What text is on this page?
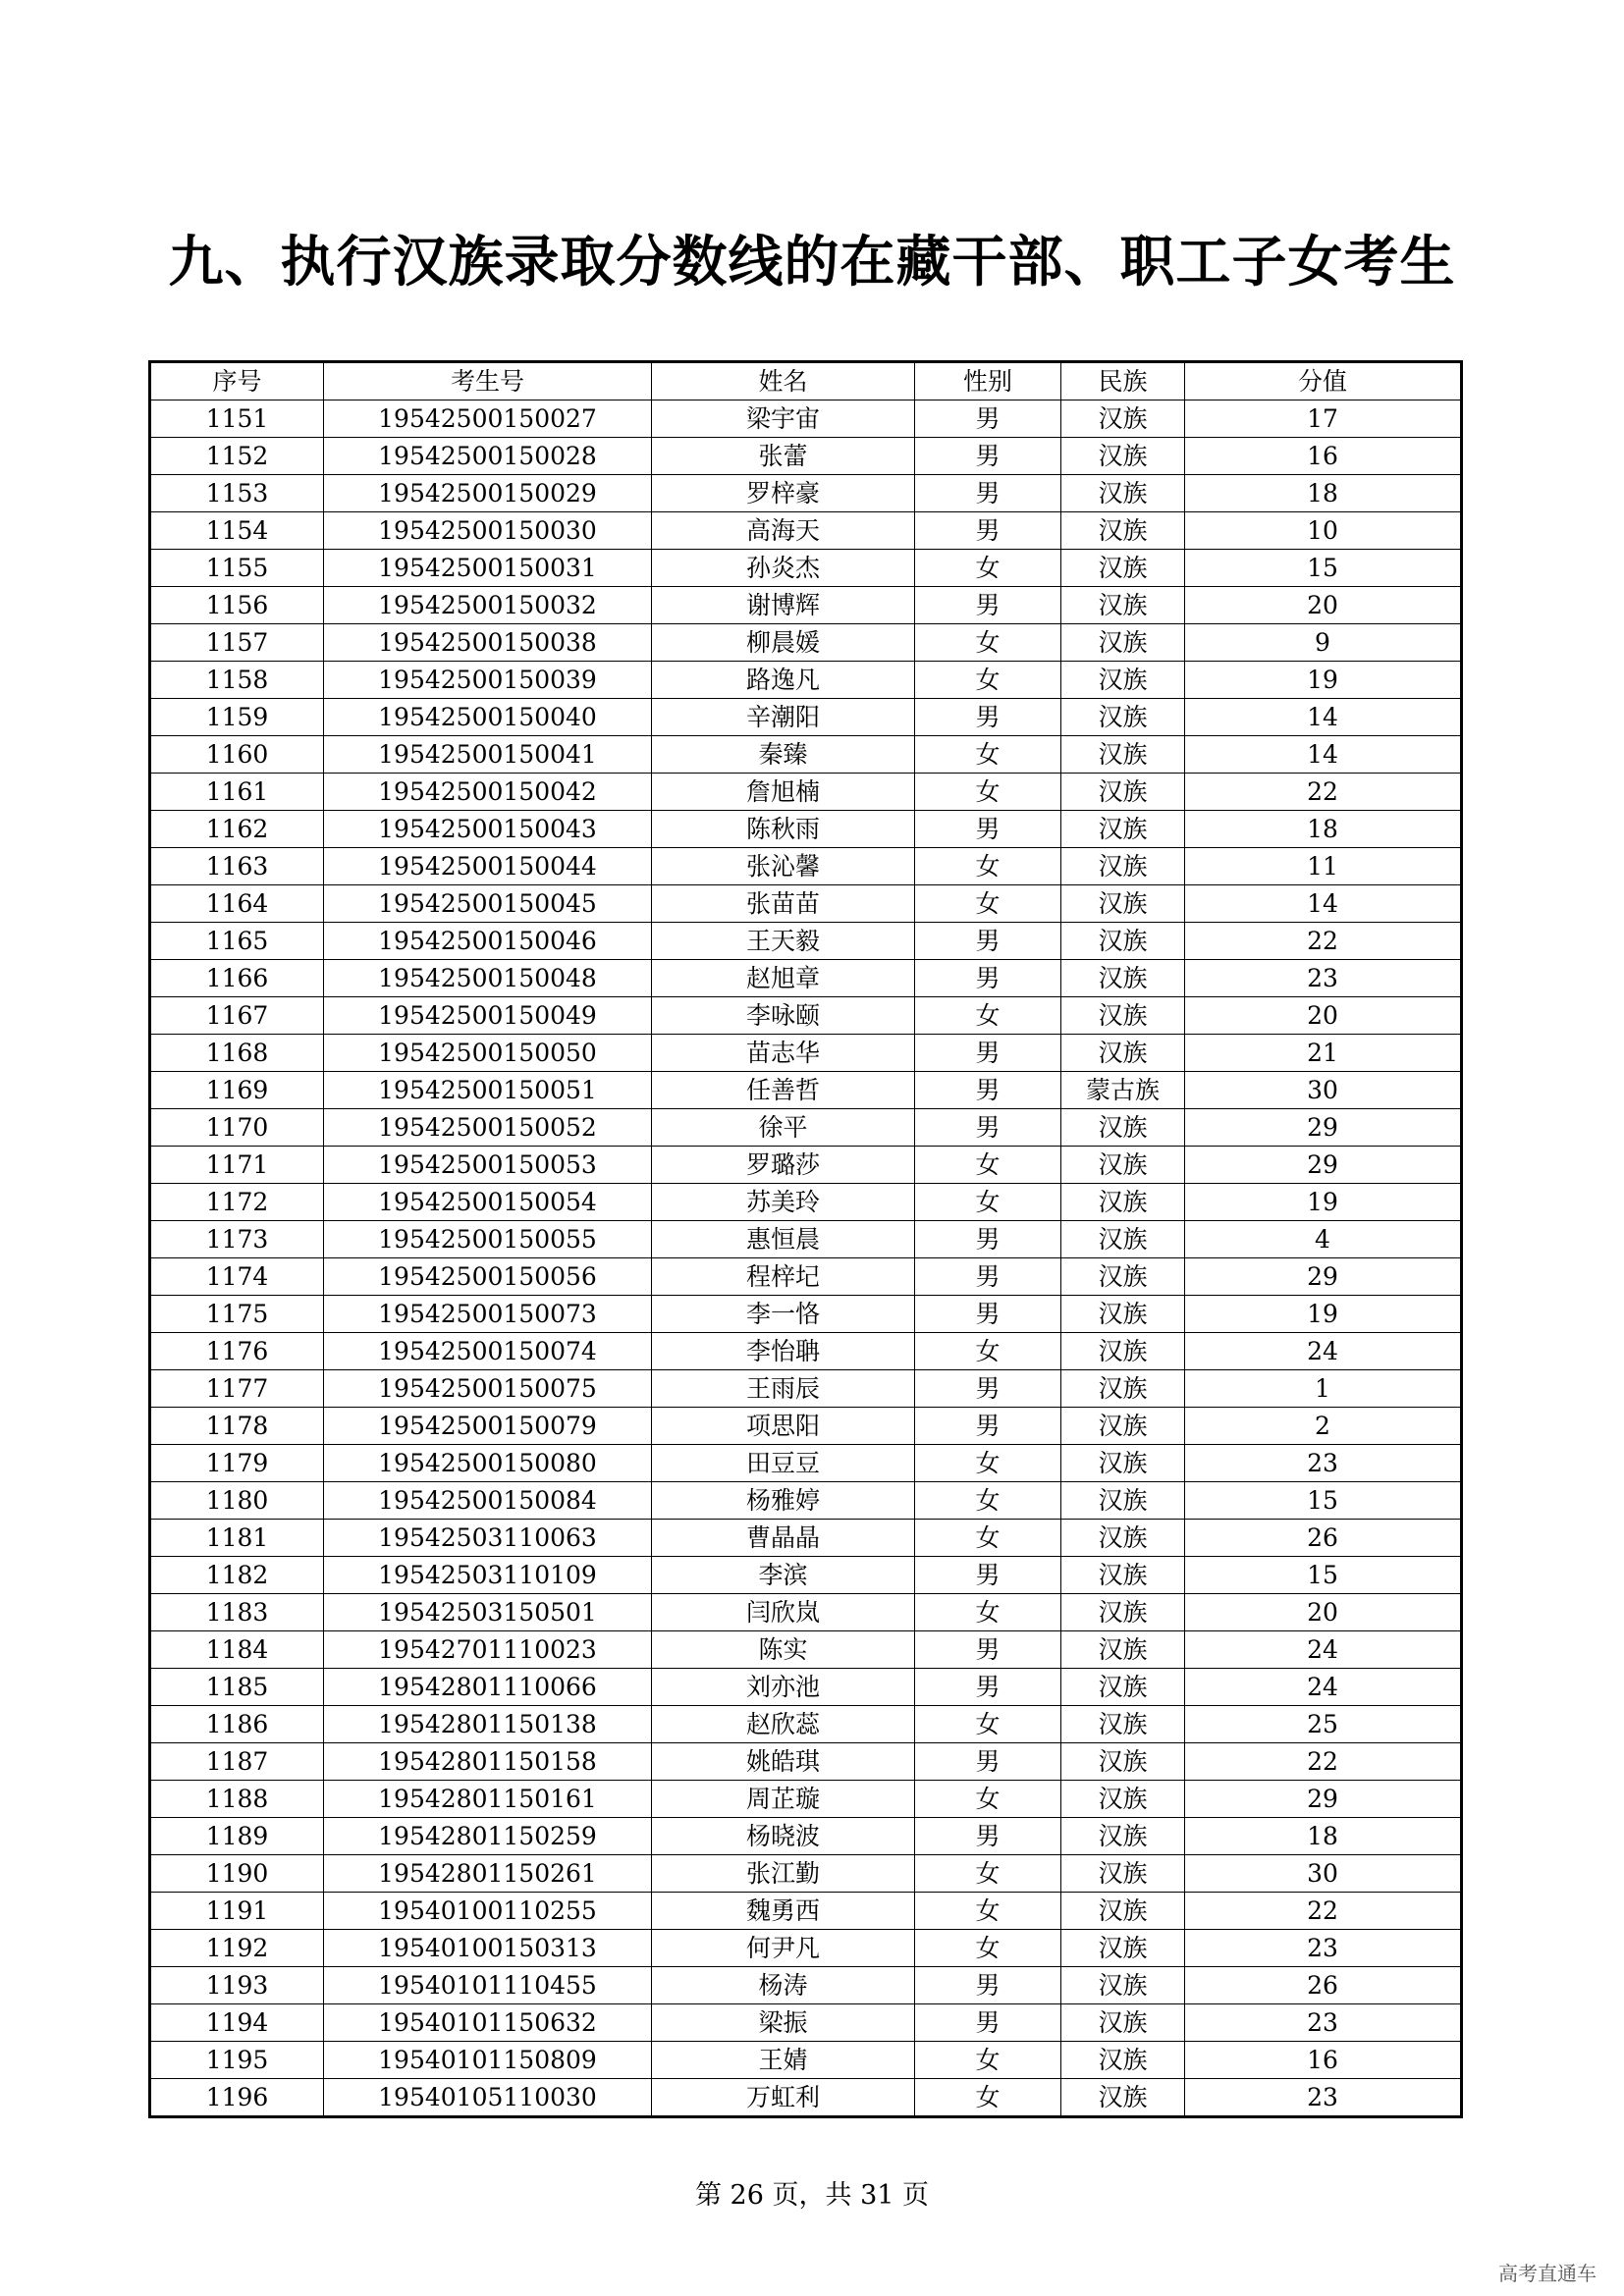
九、执行汉族录取分数线的在藏干部、职工子女考生
序号	考生号	姓名	性别	民族	分值
1151	19542500150027	梁宇宙	男	汉族	17
1152	19542500150028	张蕾	男	汉族	16
1153	19542500150029	罗梓豪	男	汉族	18
1154	19542500150030	高海天	男	汉族	10
1155	19542500150031	孙炎杰	女	汉族	15
1156	19542500150032	谢博辉	男	汉族	20
1157	19542500150038	柳晨媛	女	汉族	9
1158	19542500150039	路逸凡	女	汉族	19
1159	19542500150040	辛潮阳	男	汉族	14
1160	19542500150041	秦臻	女	汉族	14
1161	19542500150042	詹旭楠	女	汉族	22
1162	19542500150043	陈秋雨	男	汉族	18
1163	19542500150044	张沁馨	女	汉族	11
1164	19542500150045	张苗苗	女	汉族	14
1165	19542500150046	王天毅	男	汉族	22
1166	19542500150048	赵旭章	男	汉族	23
1167	19542500150049	李咏颐	女	汉族	20
1168	19542500150050	苗志华	男	汉族	21
1169	19542500150051	任善哲	男	蒙古族	30
1170	19542500150052	徐平	男	汉族	29
1171	19542500150053	罗璐莎	女	汉族	29
1172	19542500150054	苏美玲	女	汉族	19
1173	19542500150055	惠恒晨	男	汉族	4
1174	19542500150056	程梓圮	男	汉族	29
1175	19542500150073	李一恪	男	汉族	19
1176	19542500150074	李怡聃	女	汉族	24
1177	19542500150075	王雨辰	男	汉族	1
1178	19542500150079	项思阳	男	汉族	2
1179	19542500150080	田豆豆	女	汉族	23
1180	19542500150084	杨雅婷	女	汉族	15
1181	19542503110063	曹晶晶	女	汉族	26
1182	19542503110109	李滨	男	汉族	15
1183	19542503150501	闫欣岚	女	汉族	20
1184	19542701110023	陈实	男	汉族	24
1185	19542801110066	刘亦池	男	汉族	24
1186	19542801150138	赵欣蕊	女	汉族	25
1187	19542801150158	姚皓琪	男	汉族	22
1188	19542801150161	周芷璇	女	汉族	29
1189	19542801150259	杨晓波	男	汉族	18
1190	19542801150261	张江勤	女	汉族	30
1191	19540100110255	魏勇西	女	汉族	22
1192	19540100150313	何尹凡	女	汉族	23
1193	19540101110455	杨涛	男	汉族	26
1194	19540101150632	梁振	男	汉族	23
1195	19540101150809	王婧	女	汉族	16
1196	19540105110030	万虹利	女	汉族	23
第 26 页，共 31 页
高考直通车
